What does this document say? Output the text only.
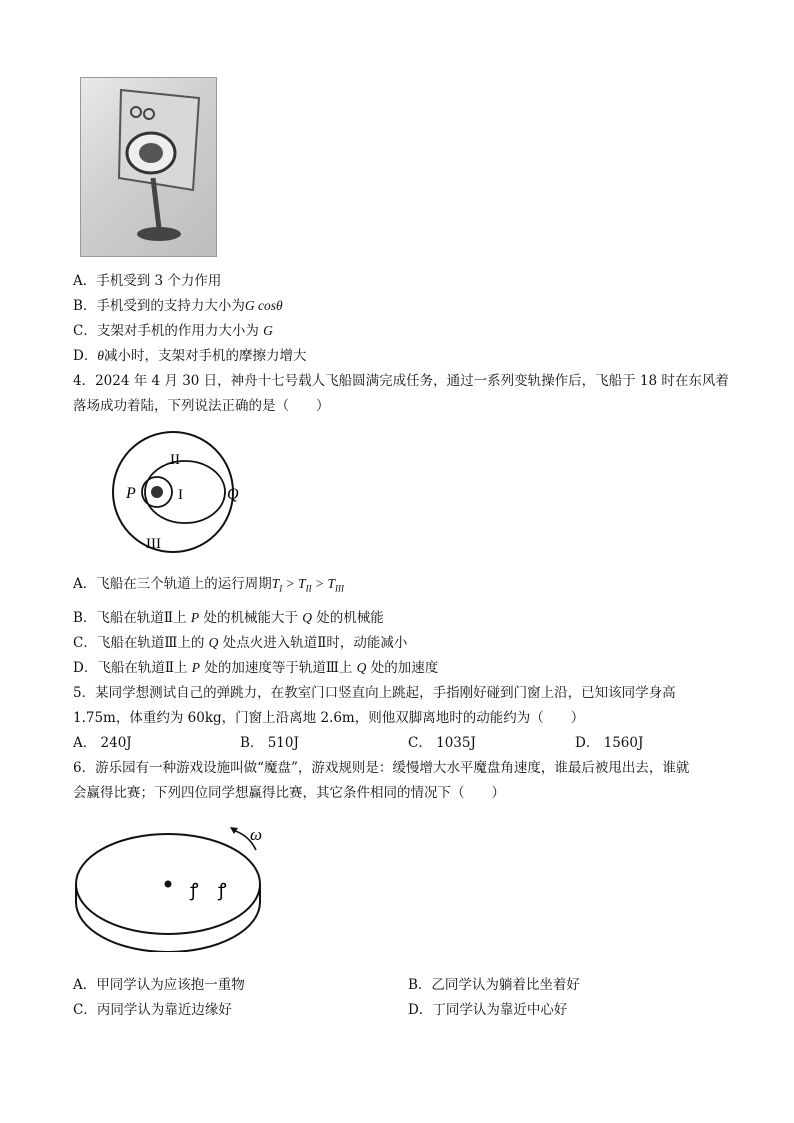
A．手机受到 3 个力作用
B．手机受到的支持力大小为G cosθ
C．支架对手机的作用力大小为 G
D．θ减小时，支架对手机的摩擦力增大
4．2024 年 4 月 30 日，神舟十七号载人飞船圆满完成任务，通过一系列变轨操作后，飞船于 18 时在东风着
落场成功着陆，下列说法正确的是（　　）
II
I
III
P	Q
A．飞船在三个轨道上的运行周期$T_I > T_{II} > T_{III}$
B．飞船在轨道Ⅱ上 P 处的机械能大于 Q 处的机械能
C．飞船在轨道Ⅲ上的 Q 处点火进入轨道Ⅱ时，动能减小
D．飞船在轨道Ⅱ上 P 处的加速度等于轨道Ⅲ上 Q 处的加速度
5．某同学想测试自己的弹跳力，在教室门口竖直向上跳起，手指刚好碰到门窗上沿，已知该同学身高
1.75m，体重约为 60kg，门窗上沿离地 2.6m，则他双脚离地时的动能约为（　　）
A． 240J	B． 510J	C． 1035J	D． 1560J
6．游乐园有一种游戏设施叫做“魔盘”，游戏规则是：缓慢增大水平魔盘角速度，谁最后被甩出去，谁就
会赢得比赛；下列四位同学想赢得比赛，其它条件相同的情况下（　　）
ꝭ ꝭ
ω
A．甲同学认为应该抱一重物	B．乙同学认为躺着比坐着好
C．丙同学认为靠近边缘好	D．丁同学认为靠近中心好
